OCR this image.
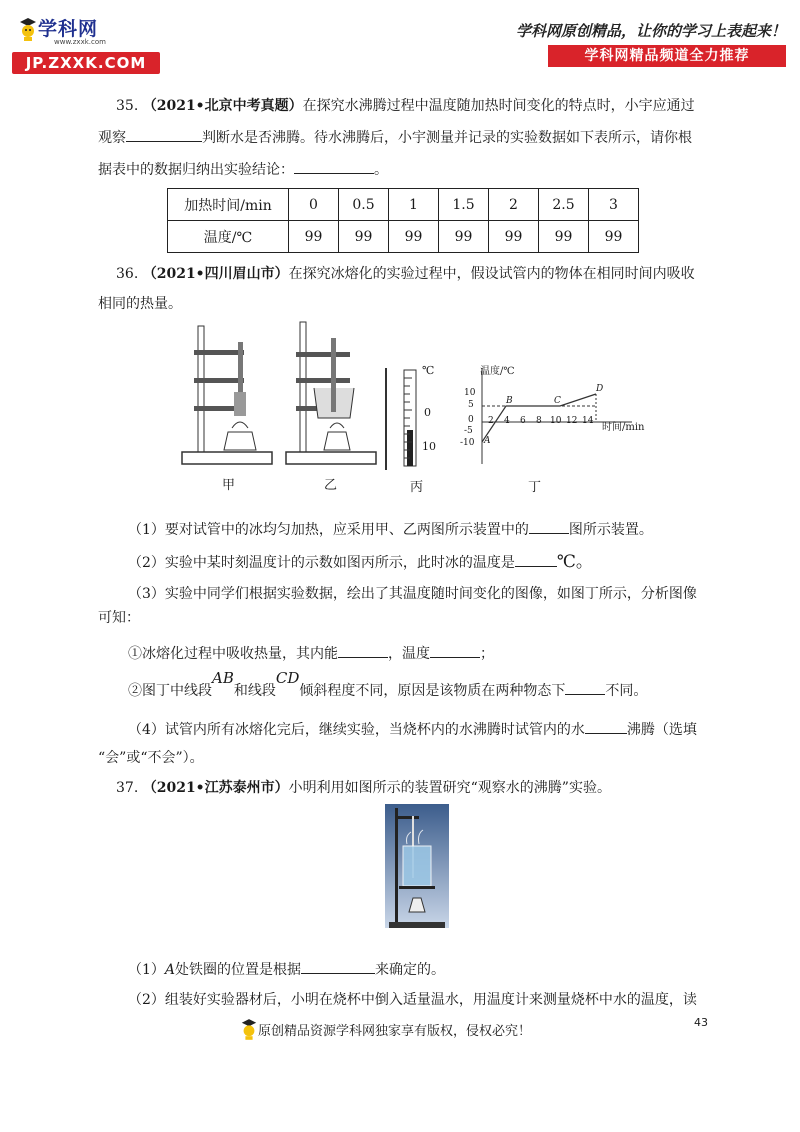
学科网
www.zxxk.com
JP.ZXXK.COM
学科网原创精品，让你的学习上表起来！
学科网精品频道全力推荐
35. （2021•北京中考真题）在探究水沸腾过程中温度随加热时间变化的特点时，小宇应通过
观察	判断水是否沸腾。待水沸腾后，小宇测量并记录的实验数据如下表所示，请你根
据表中的数据归纳出实验结论：	。
加热时间/min	0	0.5	1	1.5	2	2.5	3
温度/℃	99	99	99	99	99	99	99
36. （2021•四川眉山市）在探究冰熔化的实验过程中，假设试管内的物体在相同时间内吸收
相同的热量。
℃
0
10
温度/℃
时间/min
10
5
0
-5
-10
2 4 6 8 10 12 14
A
B	C
D
甲	乙	丙	丁
（1）要对试管中的冰均匀加热，应采用甲、乙两图所示装置中的	图所示装置。
（2）实验中某时刻温度计的示数如图丙所示，此时冰的温度是 ℃。
（3）实验中同学们根据实验数据，绘出了其温度随时间变化的图像，如图丁所示，分析图像
可知：
①冰熔化过程中吸收热量，其内能	，温度	；
②图丁中线段AB和线段CD倾斜程度不同，原因是该物质在两种物态下	不同。
（4）试管内所有冰熔化完后，继续实验，当烧杯内的水沸腾时试管内的水	沸腾（选填
“会”或“不会”）。
37. （2021•江苏泰州市）小明利用如图所示的装置研究“观察水的沸腾”实验。
（1）A处铁圈的位置是根据	来确定的。
（2）组装好实验器材后，小明在烧杯中倒入适量温水，用温度计来测量烧杯中水的温度，读
原创精品资源学科网独家享有版权，侵权必究！
43
